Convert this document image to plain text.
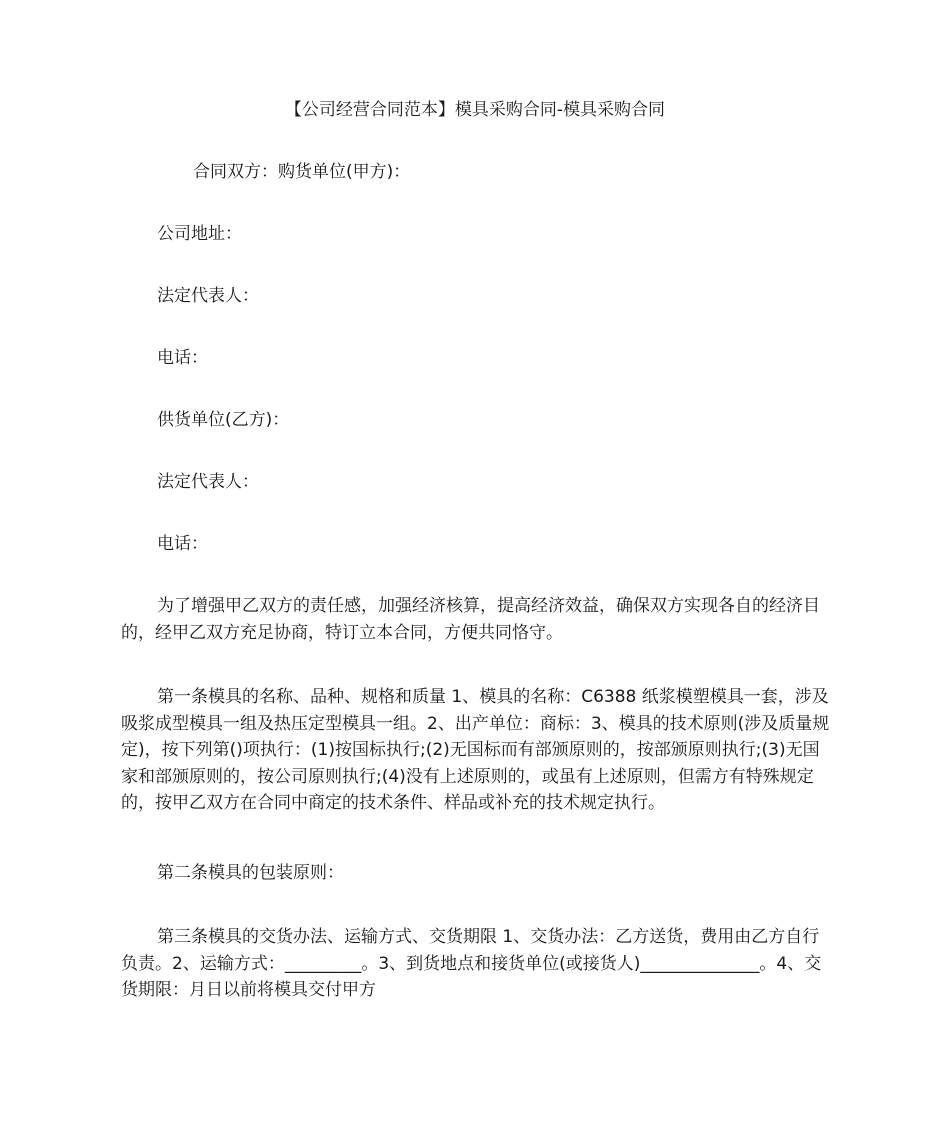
【公司经营合同范本】模具采购合同-模具采购合同
合同双方：购货单位(甲方)：
公司地址：
法定代表人：
电话：
供货单位(乙方)：
法定代表人：
电话：
为了增强甲乙双方的责任感，加强经济核算，提高经济效益，确保双方实现各自的经济目的，经甲乙双方充足协商，特订立本合同，方便共同恪守。
第一条模具的名称、品种、规格和质量 1、模具的名称：C6388 纸浆模塑模具一套，涉及吸浆成型模具一组及热压定型模具一组。2、出产单位：商标：3、模具的技术原则(涉及质量规定)，按下列第()项执行：(1)按国标执行;(2)无国标而有部颁原则的，按部颁原则执行;(3)无国家和部颁原则的，按公司原则执行;(4)没有上述原则的，或虽有上述原则，但需方有特殊规定的，按甲乙双方在合同中商定的技术条件、样品或补充的技术规定执行。
第二条模具的包装原则：
第三条模具的交货办法、运输方式、交货期限 1、交货办法：乙方送货，费用由乙方自行负责。2、运输方式：_________。3、到货地点和接货单位(或接货人)______________。4、交货期限：月日以前将模具交付甲方
